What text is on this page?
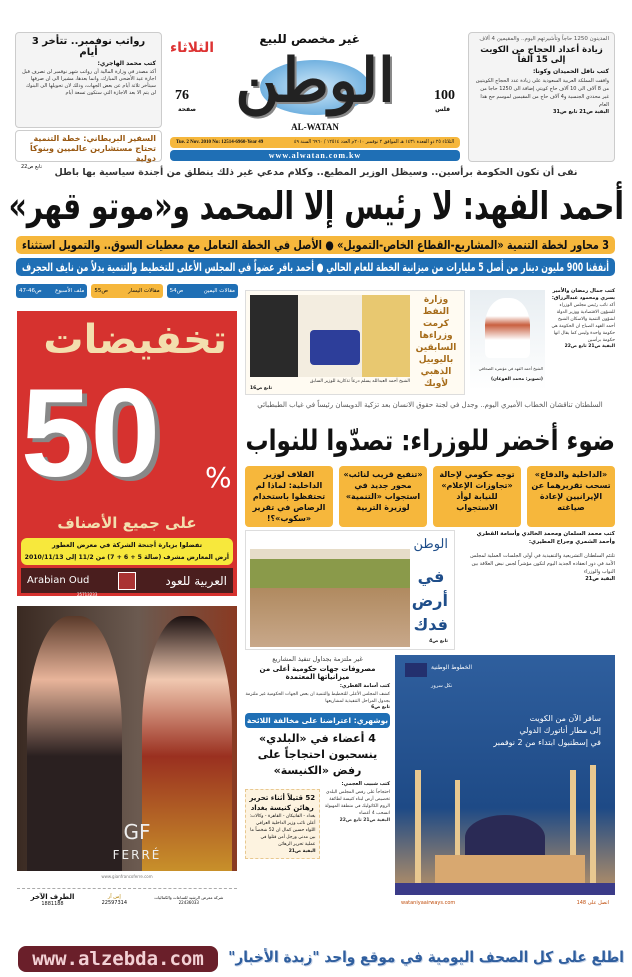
رواتب نوفمبر.. تتأخر 3 أيام
كتب محمد الهاجري:
أكد مصدر في وزارة المالية أن رواتب شهر نوفمبر لن تصرف قبل اجازة عيد الأضحى المبارك، وانما بعدها، مشيرا الى ان صرفها سيتأخر ثلاثة أيام عن بعض الجهات، وذلك لان تحويلها الى البنوك لن يتم الا بعد الاجازة التي ستكون تسعة أيام
السفير البريطاني: خطة التنمية تحتاج مستشارين عالميين وبنوكاً دولية
تابع ص22
غير مخصص للبيع
الثلاثاء الوطن
AL-WATAN
76
صفحة
100
فلس
الثلاثاء ٢٥ ذو القعدة ١٤٣١ هـ الموافق ٢ نوفمبر ٢٠١٠م العدد ١٢٥١٤ / ٦٩٦٠ السنة ٤٩
Tue. 2 Nov. 2010 No: 12514-6960-Year 49
www.alwatan.com.kw
المدينون 1250 حاجاً وتأشيرتهم اليوم.. والمقيمين 4 آلاف
زيادة أعداد الحجاج من الكويت إلى 15 ألفاً
كتب نافل الحميدان وكونا:
وافقت المملكة العربية السعودية على زيادة عدد الحجاج الكويتيين من 8 آلاف الى 10 آلاف حاج كويتي إضافة الى 1250 حاجا من غير محددي الجنسية و4 آلاف حاج من المقيمين لموسم حج هذا العام
البقية ص21 تابع ص31
نفى أن تكون الحكومة برأسين.. وسيظل الوزير المطيع.. وكلام مدعي غير ذلك ينطلق من أجندة سياسية بها باطل
أحمد الفهد: لا رئيس إلا المحمد و«موتو قهر»
3 محاور لخطة التنمية «المشاريع-القطاع الخاص-التمويل» ● الأصل في الخطة التعامل مع معطيات السوق.. والتمويل استثناء
أنفقنا 900 مليون دينار من أصل 5 مليارات من ميزانية الخطة للعام الحالي ● أحمد باقر عضواً في المجلس الأعلى للتخطيط والتنمية بدلاً من نايف الحجرف
ملف الأسبوع
ص46-47	مقالات اليسار
ص55	مقالات اليمين
ص54
تخفيضات
50 %
على جميع الأصناف
تفضلوا بزيارة أجنحة الشركة في معرض العطور
أرض المعارض مشرف (صالة 5 + 6 + 7) من 11/2 إلى 2010/11/13
العربية للعود
Arabian Oud
25713233
GF
FERRÉ
www.gianfrancoferre.com
الطرف الآخر
1881188
إس آر
22597314
شركة معرض الرشيد للساعات والكماليات
22436033
الشيخ أحمد الفهد في مؤتمره الصحافي
(تصوير: محمد الفوعان)
كتب جمال رمضان والأمير يسري ومحمود عبدالرزاق:
أكد نائب رئيس مجلس الوزراء للشؤون الاقتصادية ووزير الدولة لشؤون التنمية والاسكان الشيخ أحمد الفهد الصباح ان الحكومة هي حكومة واحدة وليس كما يقال انها حكومة برأسين
البقية ص21 تابع ص22
وزارة النفط كرمت وزراءها السابقين باليوبيل الذهبي لأوبك
الشيخ أحمد العبدالله يسلم درعاً تذكارية للوزير السابق
تابع ص16
السلطتان تناقشان الخطاب الأميري اليوم.. وجدل في لجنة حقوق الانسان بعد تزكية الدويسان رئيساً في غياب الطبطبائي
ضوء أخضر للوزراء: تصدّوا للنواب
«الداخلية والدفاع» تسحب تقريرهما عن الإيرانيين لإعادة صياغته
توجه حكومي لإحالة «تجاوزات الإعلام» للنيابة لوأد الاستجواب
«تنفيع قريب لنائب» محور جديد في استجواب «التنمية» لوزيرة التربية
القلاف لوزير الداخلية: لماذا لم تحتفظوا باستخدام الرصاص في تقرير «سكوب»؟!
كتب محمد السلمان ومحمد الخالدي وأسامة القطري وأحمد الشمري وجراح المطيري:
تلتئم السلطتان التشريعية والتنفيذية في أولى الجلسات العملية لمجلس الأمة في دور انعقاده الجديد اليوم لتكون مؤشراً لجس نبض العلاقة بين النواب والوزراء
البقية ص21
الوطن
في أرض فدك
تابع ص4
غير ملتزمة بجداول تنفيذ المشاريع
مصروفات جهات حكومية أعلى من ميزانياتها المعتمدة
كتب أسامة القطري:
كشف المجلس الأعلى للتخطيط والتنمية ان بعض الجهات الحكومية غير ملتزمة بجدول المراحل التنفيذية لمشاريعها
تابع ص6
بوشهري: اعتراضنا على مخالفة اللائحة
4 أعضاء في «البلدي» ينسحبون احتجاجاً على رفض «الكنيسة»
كتب شبيب العجمي:
احتجاجاً على رفض المجلس البلدي تخصيص أرض لبناء كنيسة لطائفة الروم الكاثوليك في منطقة المهبولة انسحب 4 أعضاء
البقية ص21 تابع ص22
52 قتيلاً أثناء تحرير رهائن كنيسة بغداد
بغداد - الفاتيكان - القاهرة - وكالات: أعلن نائب وزير الداخلية العراقي اللواء حسين كمال ان 52 شخصاً ما بين مدني ورجل أمن قتلوا في عملية تحرير الرهائن
البقية ص21
الخطوط الوطنية
نكل سرور
سافر الآن من الكويت
إلى مطار أتاتورك الدولي
في إسطنبول ابتداء من 2 نوفمبر
اتصل على 148
wataniyaairways.com
www.alzebda.com	اطلع على كل الصحف اليومية في موقع واحد "زبدة الأخبار"
